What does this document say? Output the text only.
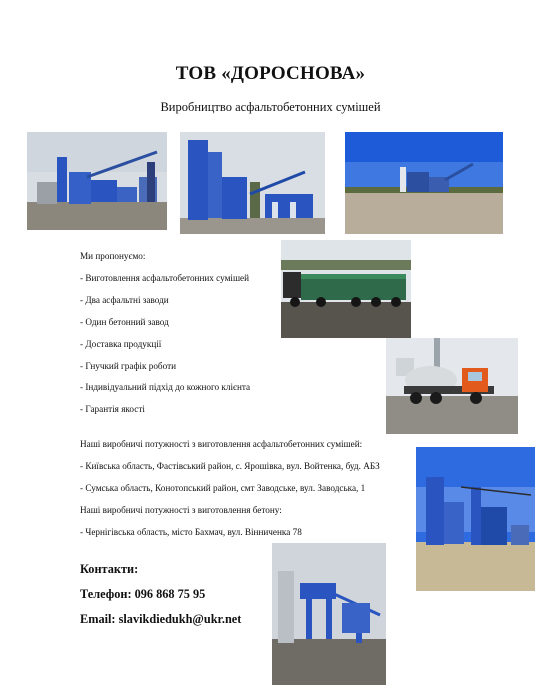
ТОВ «ДОРОСНОВА»
Виробництво асфальтобетонних сумішей
Ми пропонуємо:
- Виготовлення асфальтобетонних сумішей
- Два асфальтні заводи
- Один бетонний завод
- Доставка продукції
- Гнучкий графік роботи
- Індивідуальний підхід до кожного клієнта
- Гарантія якості
Наші виробничі потужності з виготовлення асфальтобетонних сумішей:
- Київська область, Фастівський район, с. Ярошівка, вул. Войтенка, буд. АБЗ
- Сумська область, Конотопський район, смт Заводське, вул. Заводська, 1
Наші виробничі потужності з виготовлення бетону:
- Чернігівська область, місто Бахмач, вул. Вінниченка 78
Контакти:
Телефон: 096 868 75 95
Email: slavikdiedukh@ukr.net
